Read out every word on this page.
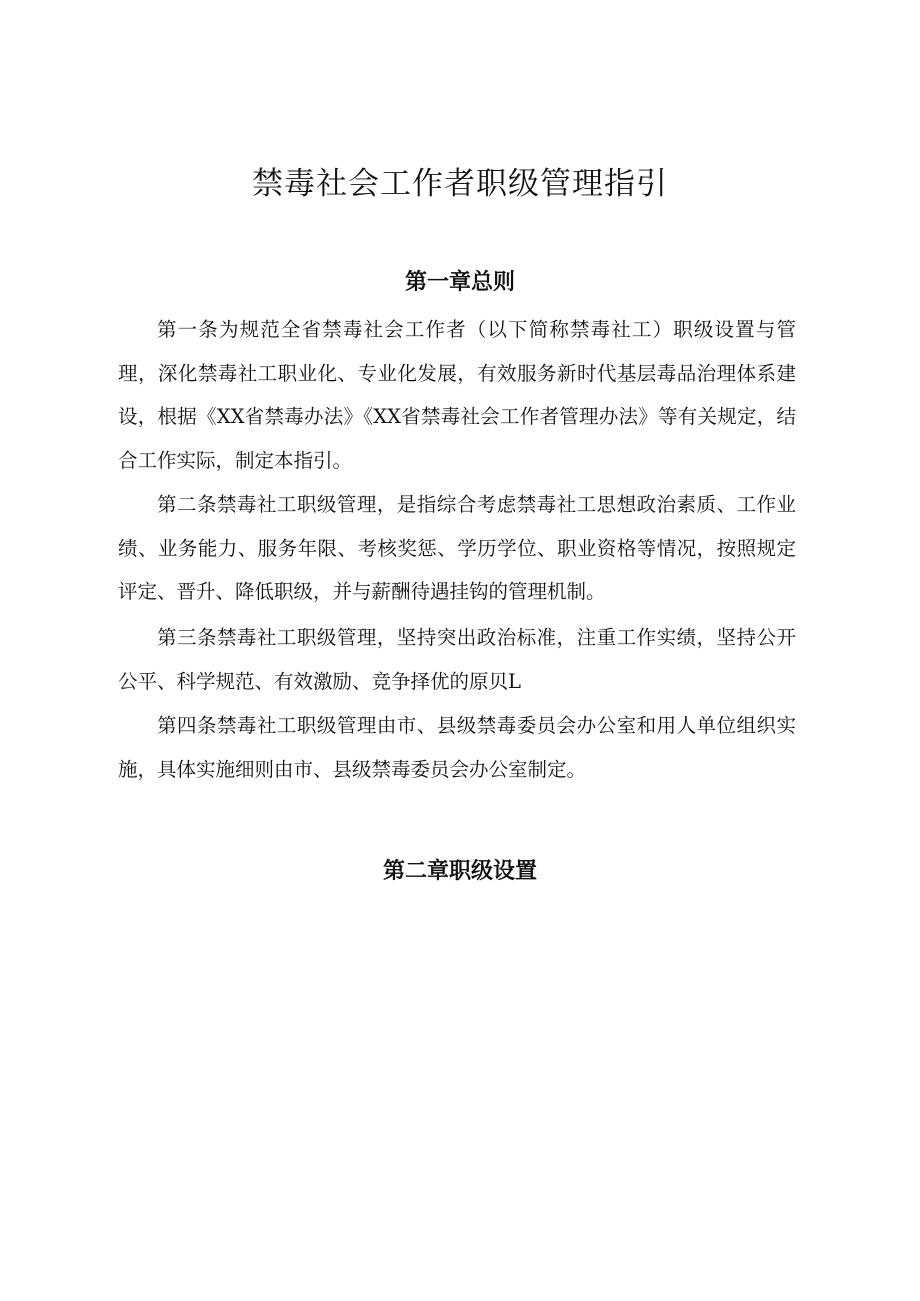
禁毒社会工作者职级管理指引
第一章总则

第一条为规范全省禁毒社会工作者（以下简称禁毒社工）职级设置与管理，深化禁毒社工职业化、专业化发展，有效服务新时代基层毒品治理体系建设，根据《XX省禁毒办法》《XX省禁毒社会工作者管理办法》等有关规定，结合工作实际，制定本指引。

第二条禁毒社工职级管理，是指综合考虑禁毒社工思想政治素质、工作业绩、业务能力、服务年限、考核奖惩、学历学位、职业资格等情况，按照规定评定、晋升、降低职级，并与薪酬待遇挂钩的管理机制。

第三条禁毒社工职级管理，坚持突出政治标准，注重工作实绩，坚持公开公平、科学规范、有效激励、竞争择优的原贝L

第四条禁毒社工职级管理由市、县级禁毒委员会办公室和用人单位组织实施，具体实施细则由市、县级禁毒委员会办公室制定。

第二章职级设置
